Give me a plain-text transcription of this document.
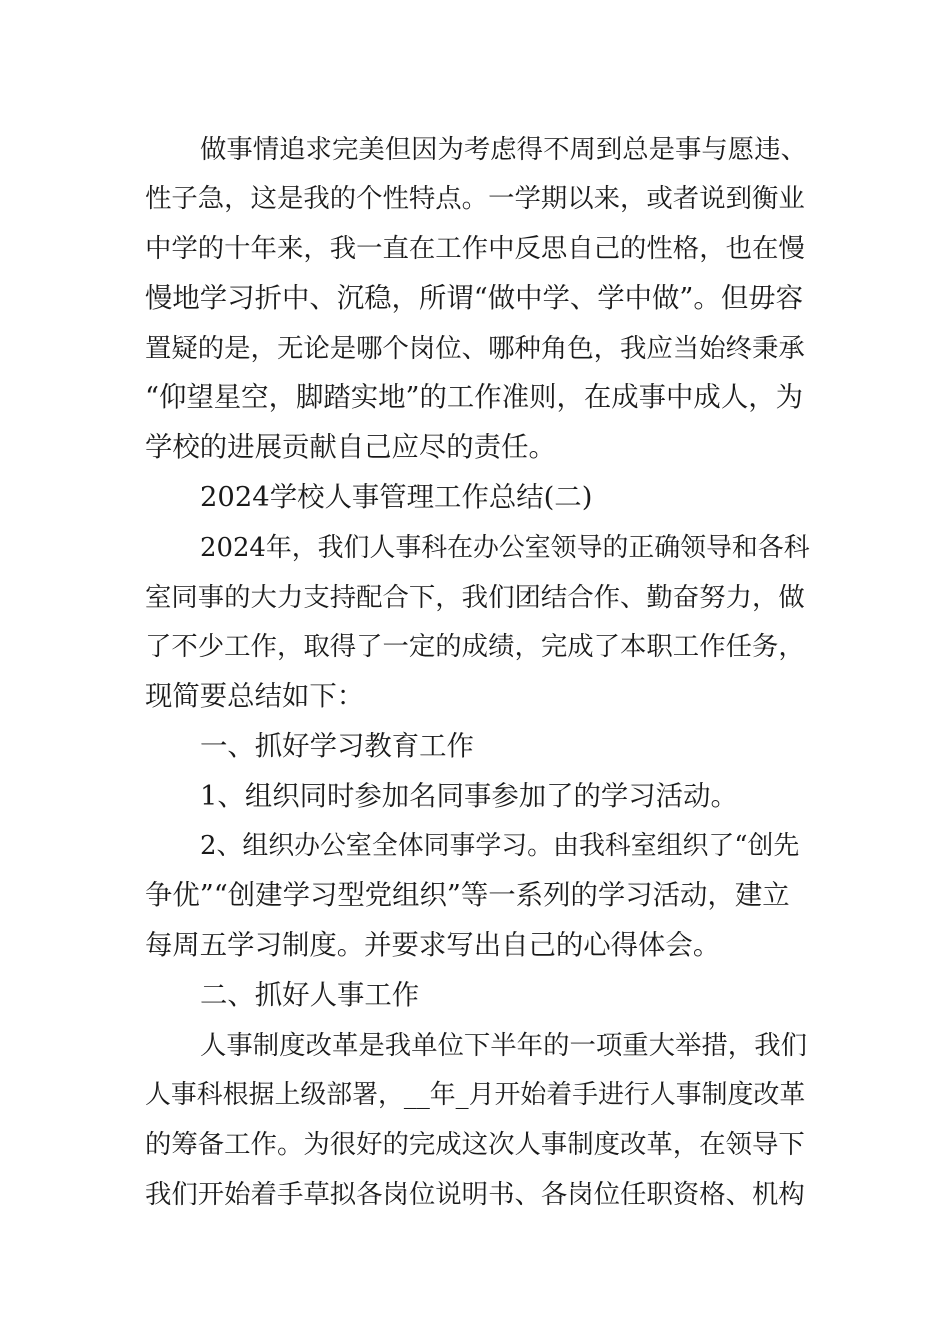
做事情追求完美但因为考虑得不周到总是事与愿违、
性子急，这是我的个性特点。一学期以来，或者说到衡业
中学的十年来，我一直在工作中反思自己的性格，也在慢
慢地学习折中、沉稳，所谓“做中学、学中做”。但毋容
置疑的是，无论是哪个岗位、哪种角色，我应当始终秉承
“仰望星空，脚踏实地”的工作准则，在成事中成人，为
学校的进展贡献自己应尽的责任。
2024学校人事管理工作总结(二)
2024年，我们人事科在办公室领导的正确领导和各科
室同事的大力支持配合下，我们团结合作、勤奋努力，做
了不少工作，取得了一定的成绩，完成了本职工作任务，
现简要总结如下：
一、抓好学习教育工作
1、组织同时参加名同事参加了的学习活动。
2、组织办公室全体同事学习。由我科室组织了“创先
争优”“创建学习型党组织”等一系列的学习活动，建立
每周五学习制度。并要求写出自己的心得体会。
二、抓好人事工作
人事制度改革是我单位下半年的一项重大举措，我们
人事科根据上级部署，__年_月开始着手进行人事制度改革
的筹备工作。为很好的完成这次人事制度改革，在领导下
我们开始着手草拟各岗位说明书、各岗位任职资格、机构
